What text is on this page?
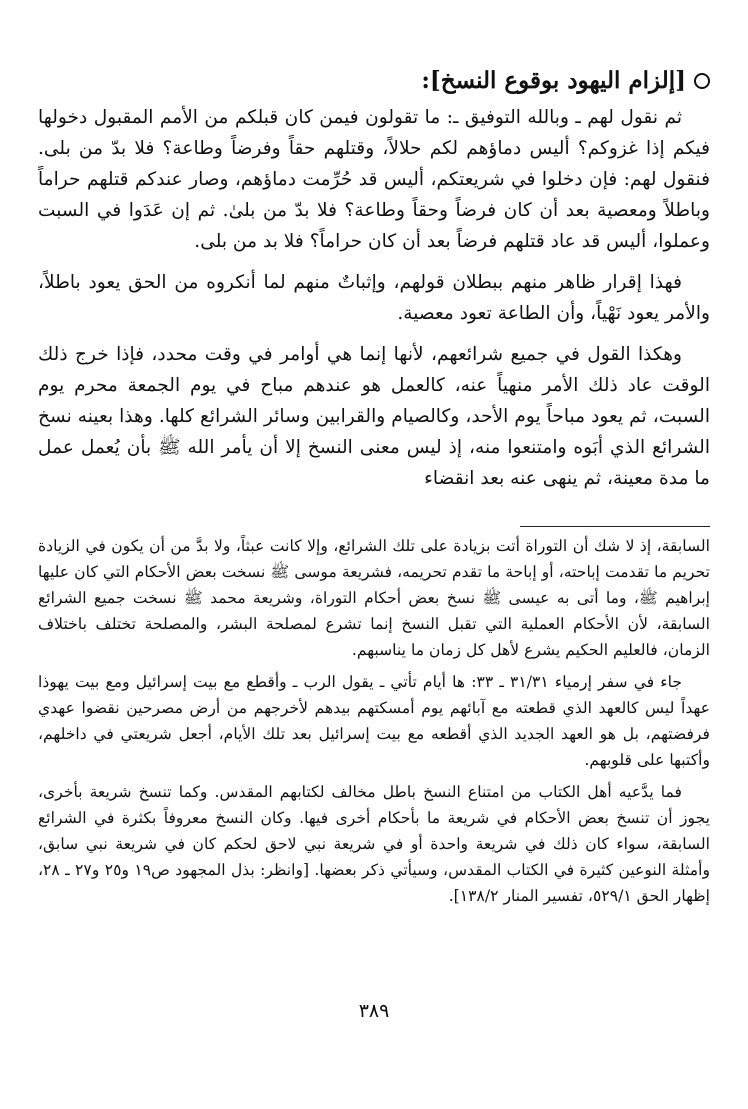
[إلزام اليهود بوقوع النسخ]:

ثم نقول لهم ـ وبالله التوفيق ـ: ما تقولون فيمن كان قبلكم من الأمم المقبول دخولها فيكم إذا غزوكم؟ أليس دماؤهم لكم حلالاً، وقتلهم حقاً وفرضاً وطاعة؟ فلا بدّ من بلى. فنقول لهم: فإن دخلوا في شريعتكم، أليس قد حُرِّمت دماؤهم، وصار عندكم قتلهم حراماً وباطلاً ومعصية بعد أن كان فرضاً وحقاً وطاعة؟ فلا بدّ من بلىٰ. ثم إن عَدَوا في السبت وعملوا، أليس قد عاد قتلهم فرضاً بعد أن كان حراماً؟ فلا بد من بلى.

فهذا إقرار ظاهر منهم ببطلان قولهم، وإثباتٌ منهم لما أنكروه من الحق يعود باطلاً، والأمر يعود نَهْياً، وأن الطاعة تعود معصية.

وهكذا القول في جميع شرائعهم، لأنها إنما هي أوامر في وقت محدد، فإذا خرج ذلك الوقت عاد ذلك الأمر منهياً عنه، كالعمل هو عندهم مباح في يوم الجمعة محرم يوم السبت، ثم يعود مباحاً يوم الأحد، وكالصيام والقرابين وسائر الشرائع كلها. وهذا بعينه نسخ الشرائع الذي أبَوه وامتنعوا منه، إذ ليس معنى النسخ إلا أن يأمر الله ﷺ بأن يُعمل عمل ما مدة معينة، ثم ينهى عنه بعد انقضاء

السابقة، إذ لا شك أن التوراة أتت بزيادة على تلك الشرائع، وإلا كانت عبثاً، ولا بدَّ من أن يكون في الزيادة تحريم ما تقدمت إباحته، أو إباحة ما تقدم تحريمه، فشريعة موسى ﷺ نسخت بعض الأحكام التي كان عليها إبراهيم ﷺ، وما أتى به عيسى ﷺ نسخ بعض أحكام التوراة، وشريعة محمد ﷺ نسخت جميع الشرائع السابقة، لأن الأحكام العملية التي تقبل النسخ إنما تشرع لمصلحة البشر، والمصلحة تختلف باختلاف الزمان، فالعليم الحكيم يشرع لأهل كل زمان ما يناسبهم.

جاء في سفر إرمياء ٣١/٣١ ـ ٣٣: ها أيام تأتي ـ يقول الرب ـ وأقطع مع بيت إسرائيل ومع بيت يهوذا عهداً ليس كالعهد الذي قطعته مع آبائهم يوم أمسكتهم بيدهم لأخرجهم من أرض مصرحين نقضوا عهدي فرفضتهم، بل هو العهد الجديد الذي أقطعه مع بيت إسرائيل بعد تلك الأيام، أجعل شريعتي في داخلهم، وأكتبها على قلوبهم.

فما يدَّعيه أهل الكتاب من امتناع النسخ باطل مخالف لكتابهم المقدس. وكما تنسخ شريعة بأخرى، يجوز أن تنسخ بعض الأحكام في شريعة ما بأحكام أخرى فيها. وكان النسخ معروفاً بكثرة في الشرائع السابقة، سواء كان ذلك في شريعة واحدة أو في شريعة نبي لاحق لحكم كان في شريعة نبي سابق، وأمثلة النوعين كثيرة في الكتاب المقدس، وسيأتي ذكر بعضها. [وانظر: بذل المجهود ص١٩ و٢٥ و٢٧ ـ ٢٨، إظهار الحق ٥٢٩/١، تفسير المنار ١٣٨/٢].

٣٨٩
